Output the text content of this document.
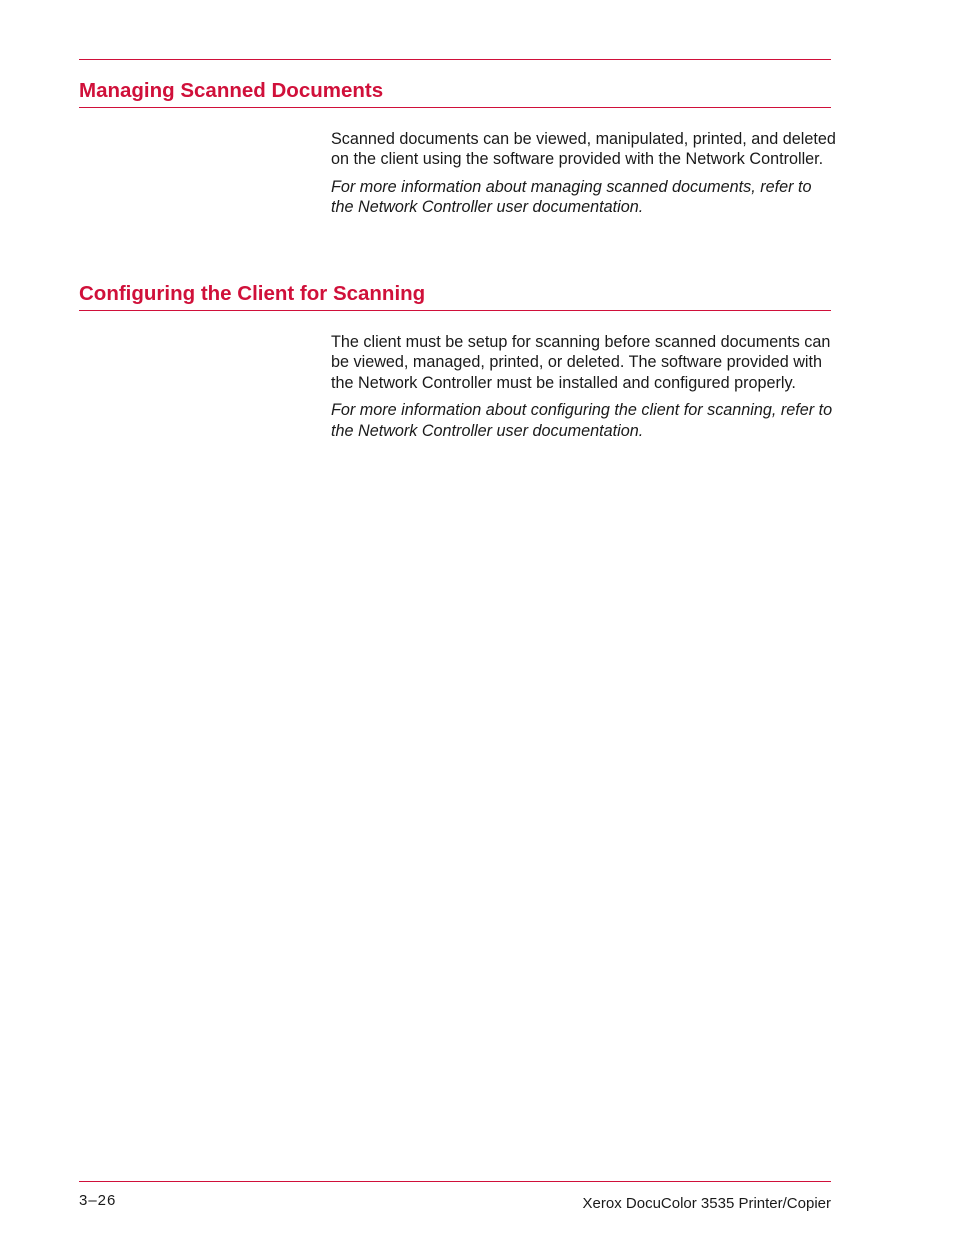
Managing Scanned Documents

Scanned documents can be viewed, manipulated, printed, and deleted on the client using the software provided with the Network Controller.

For more information about managing scanned documents, refer to the Network Controller user documentation.

Configuring the Client for Scanning

The client must be setup for scanning before scanned documents can be viewed, managed, printed, or deleted. The software provided with the Network Controller must be installed and configured properly.

For more information about configuring the client for scanning, refer to the Network Controller user documentation.

3–26	Xerox DocuColor 3535 Printer/Copier
